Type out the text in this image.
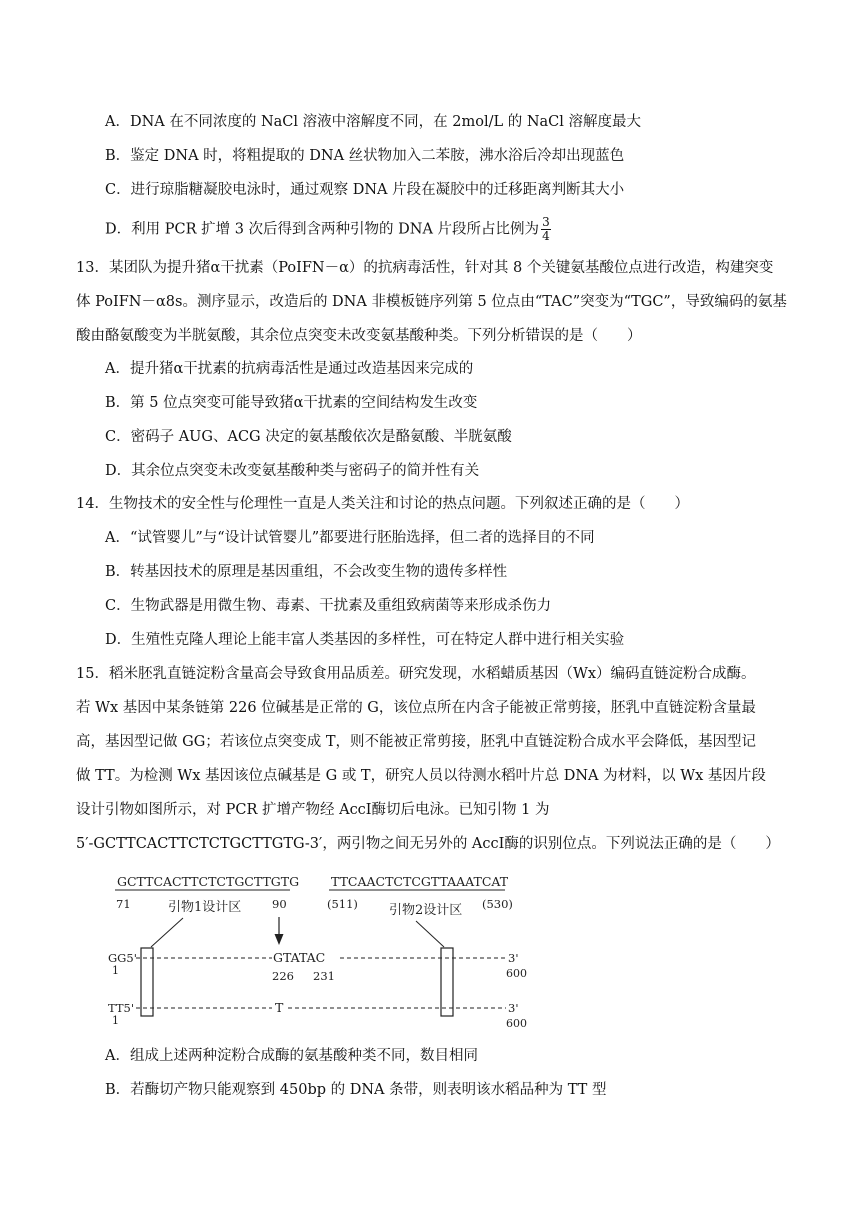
A．DNA 在不同浓度的 NaCl 溶液中溶解度不同，在 2mol/L 的 NaCl 溶解度最大
B．鉴定 DNA 时，将粗提取的 DNA 丝状物加入二苯胺，沸水浴后冷却出现蓝色
C．进行琼脂糖凝胶电泳时，通过观察 DNA 片段在凝胶中的迁移距离判断其大小
D．利用 PCR 扩增 3 次后得到含两种引物的 DNA 片段所占比例为 $\frac{3}{4}$
13．某团队为提升猪α干扰素（PoIFN－α）的抗病毒活性，针对其 8 个关键氨基酸位点进行改造，构建突变
体 PoIFN－α8s。测序显示，改造后的 DNA 非模板链序列第 5 位点由“TAC”突变为“TGC”，导致编码的氨基
酸由酪氨酸变为半胱氨酸，其余位点突变未改变氨基酸种类。下列分析错误的是（　　）
A．提升猪α干扰素的抗病毒活性是通过改造基因来完成的
B．第 5 位点突变可能导致猪α干扰素的空间结构发生改变
C．密码子 AUG、ACG 决定的氨基酸依次是酪氨酸、半胱氨酸
D．其余位点突变未改变氨基酸种类与密码子的简并性有关
14．生物技术的安全性与伦理性一直是人类关注和讨论的热点问题。下列叙述正确的是（　　）
A．“试管婴儿”与“设计试管婴儿”都要进行胚胎选择，但二者的选择目的不同
B．转基因技术的原理是基因重组，不会改变生物的遗传多样性
C．生物武器是用微生物、毒素、干扰素及重组致病菌等来形成杀伤力
D．生殖性克隆人理论上能丰富人类基因的多样性，可在特定人群中进行相关实验
15．稻米胚乳直链淀粉含量高会导致食用品质差。研究发现，水稻蜡质基因（Wx）编码直链淀粉合成酶。
若 Wx 基因中某条链第 226 位碱基是正常的 G，该位点所在内含子能被正常剪接，胚乳中直链淀粉含量最
高，基因型记做 GG；若该位点突变成 T，则不能被正常剪接，胚乳中直链淀粉合成水平会降低，基因型记
做 TT。为检测 Wx 基因该位点碱基是 G 或 T，研究人员以待测水稻叶片总 DNA 为材料，以 Wx 基因片段
设计引物如图所示，对 PCR 扩增产物经 AccⅠ酶切后电泳。已知引物 1 为
5′-GCTTCACTTCTCTGCTTGTG-3′，两引物之间无另外的 AccⅠ酶的识别位点。下列说法正确的是（　　）
GCTTCACTTCTCTGCTTGTG
71	90
引物1设计区
TTCAACTCTCGTTAAATCAT
(511)	(530)
引物2设计区
GG5'
1
GTATAC	3'
226 231	600
TT5'
1
T	3'
600
A．组成上述两种淀粉合成酶的氨基酸种类不同，数目相同
B．若酶切产物只能观察到 450bp 的 DNA 条带，则表明该水稻品种为 TT 型
